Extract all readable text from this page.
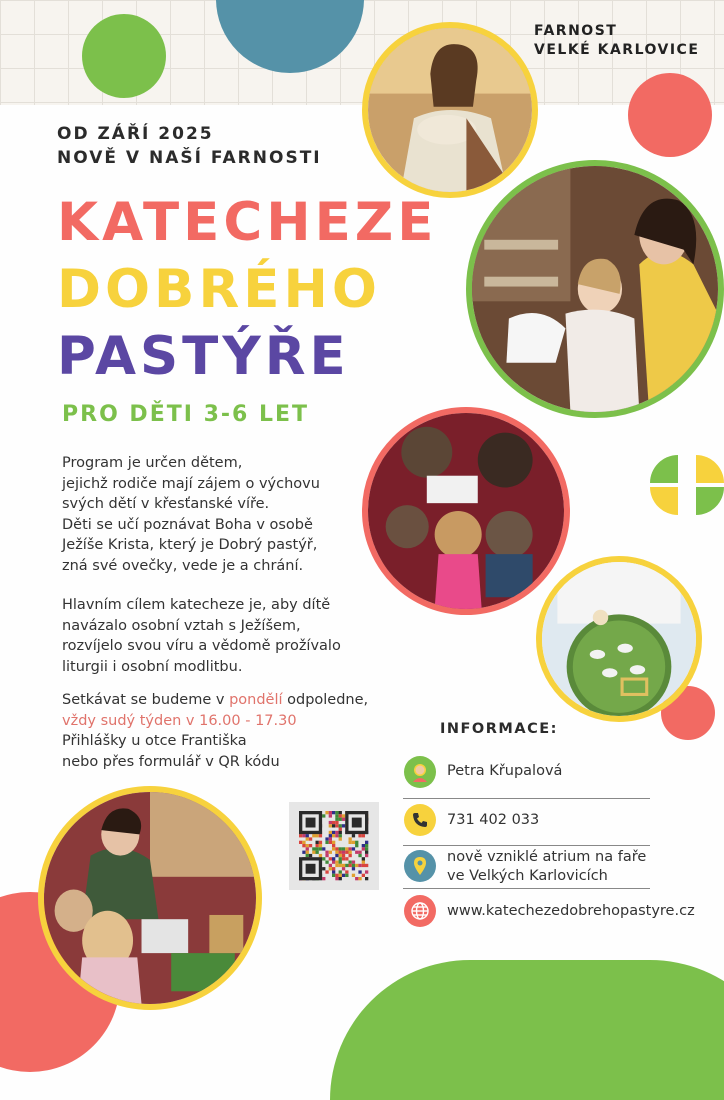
FARNOST
VELKÉ KARLOVICE
OD ZÁŘÍ 2025
NOVĚ V NAŠÍ FARNOSTI
KATECHEZE
DOBRÉHO
PASTÝŘE
PRO DĚTI 3-6 LET
Program je určen dětem,
jejichž rodiče mají zájem o výchovu
svých dětí v křesťanské víře.
Děti se učí poznávat Boha v osobě
Ježíše Krista, který je Dobrý pastýř,
zná své ovečky, vede je a chrání.
Hlavním cílem katecheze je, aby dítě
navázalo osobní vztah s Ježíšem,
rozvíjelo svou víru a vědomě prožívalo
liturgii i osobní modlitbu.
Setkávat se budeme v pondělí odpoledne,
vždy sudý týden v 16.00 - 17.30
Přihlášky u otce Františka
nebo přes formulář v QR kódu
INFORMACE:
Petra Křupalová
731 402 033
nově vzniklé atrium na faře
ve Velkých Karlovicích
www.katechezedobrehopastyre.cz
